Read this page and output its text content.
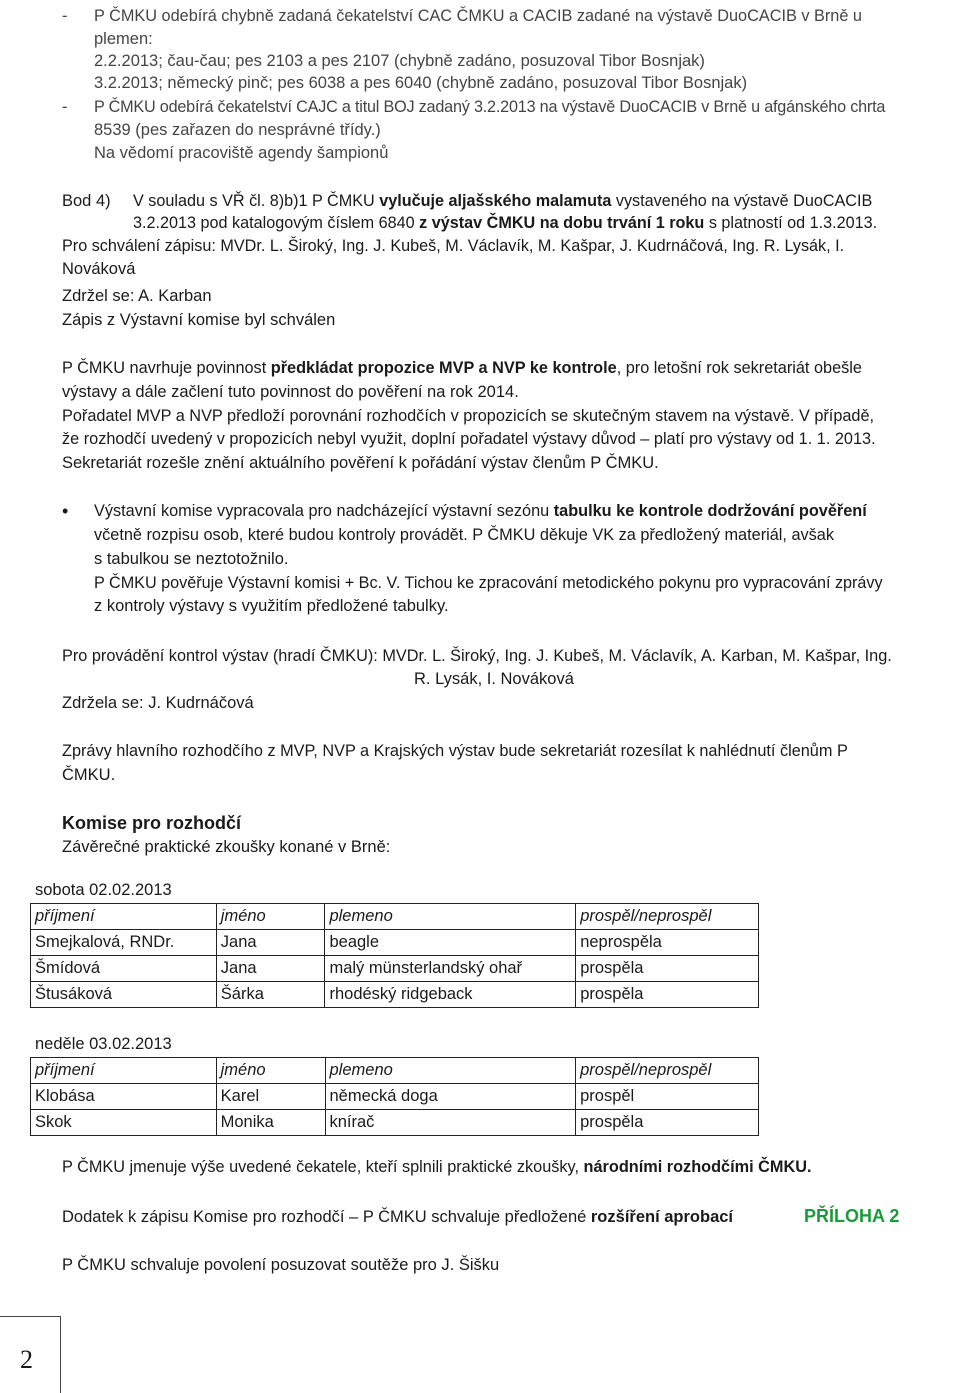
- P ČMKU odebírá chybně zadaná čekatelství CAC ČMKU a CACIB zadané na výstavě DuoCACIB v Brně u
plemen:
2.2.2013; čau-čau; pes 2103 a pes 2107 (chybně zadáno, posuzoval Tibor Bosnjak)
3.2.2013; německý pinč; pes 6038 a pes 6040 (chybně zadáno, posuzoval Tibor Bosnjak)
- P ČMKU odebírá čekatelství CAJC a titul BOJ zadaný 3.2.2013 na výstavě DuoCACIB v Brně u afgánského chrta
8539 (pes zařazen do nesprávné třídy.)
Na vědomí pracoviště agendy šampionů
Bod 4) V souladu s VŘ čl. 8)b)1 P ČMKU vylučuje aljašského malamuta vystaveného na výstavě DuoCACIB
3.2.2013 pod katalogovým číslem 6840 z výstav ČMKU na dobu trvání 1 roku s platností od 1.3.2013.
Pro schválení zápisu: MVDr. L. Široký, Ing. J. Kubeš, M. Václavík, M. Kašpar, J. Kudrnáčová, Ing. R. Lysák, I.
Nováková
Zdržel se: A. Karban
Zápis z Výstavní komise byl schválen
P ČMKU navrhuje povinnost předkládat propozice MVP a NVP ke kontrole, pro letošní rok sekretariát obešle
výstavy a dále začlení tuto povinnost do pověření na rok 2014.
Pořadatel MVP a NVP předloží porovnání rozhodčích v propozicích se skutečným stavem na výstavě. V případě,
že rozhodčí uvedený v propozicích nebyl využit, doplní pořadatel výstavy důvod – platí pro výstavy od 1. 1. 2013.
Sekretariát rozešle znění aktuálního pověření k pořádání výstav členům P ČMKU.
• Výstavní komise vypracovala pro nadcházející výstavní sezónu tabulku ke kontrole dodržování pověření
včetně rozpisu osob, které budou kontroly provádět. P ČMKU děkuje VK za předložený materiál, avšak
s tabulkou se neztotožnilo.
P ČMKU pověřuje Výstavní komisi + Bc. V. Tichou ke zpracování metodického pokynu pro vypracování zprávy
z kontroly výstavy s využitím předložené tabulky.
Pro provádění kontrol výstav (hradí ČMKU): MVDr. L. Široký, Ing. J. Kubeš, M. Václavík, A. Karban, M. Kašpar, Ing.
R. Lysák, I. Nováková
Zdržela se: J. Kudrnáčová
Zprávy hlavního rozhodčího z MVP, NVP a Krajských výstav bude sekretariát rozesílat k nahlédnutí členům P
ČMKU.
Komise pro rozhodčí
Závěrečné praktické zkoušky konané v Brně:
sobota 02.02.2013
příjmení	jméno	plemeno	prospěl/neprospěl
Smejkalová, RNDr.	Jana	beagle	neprospěla
Šmídová	Jana	malý münsterlandský ohař	prospěla
Štusáková	Šárka	rhodéský ridgeback	prospěla
neděle 03.02.2013
příjmení	jméno	plemeno	prospěl/neprospěl
Klobása	Karel	německá doga	prospěl
Skok	Monika	knírač	prospěla
P ČMKU jmenuje výše uvedené čekatele, kteří splnili praktické zkoušky, národními rozhodčími ČMKU.
Dodatek k zápisu Komise pro rozhodčí – P ČMKU schvaluje předložené rozšíření aprobací	PŘÍLOHA 2
P ČMKU schvaluje povolení posuzovat soutěže pro J. Šišku
2
